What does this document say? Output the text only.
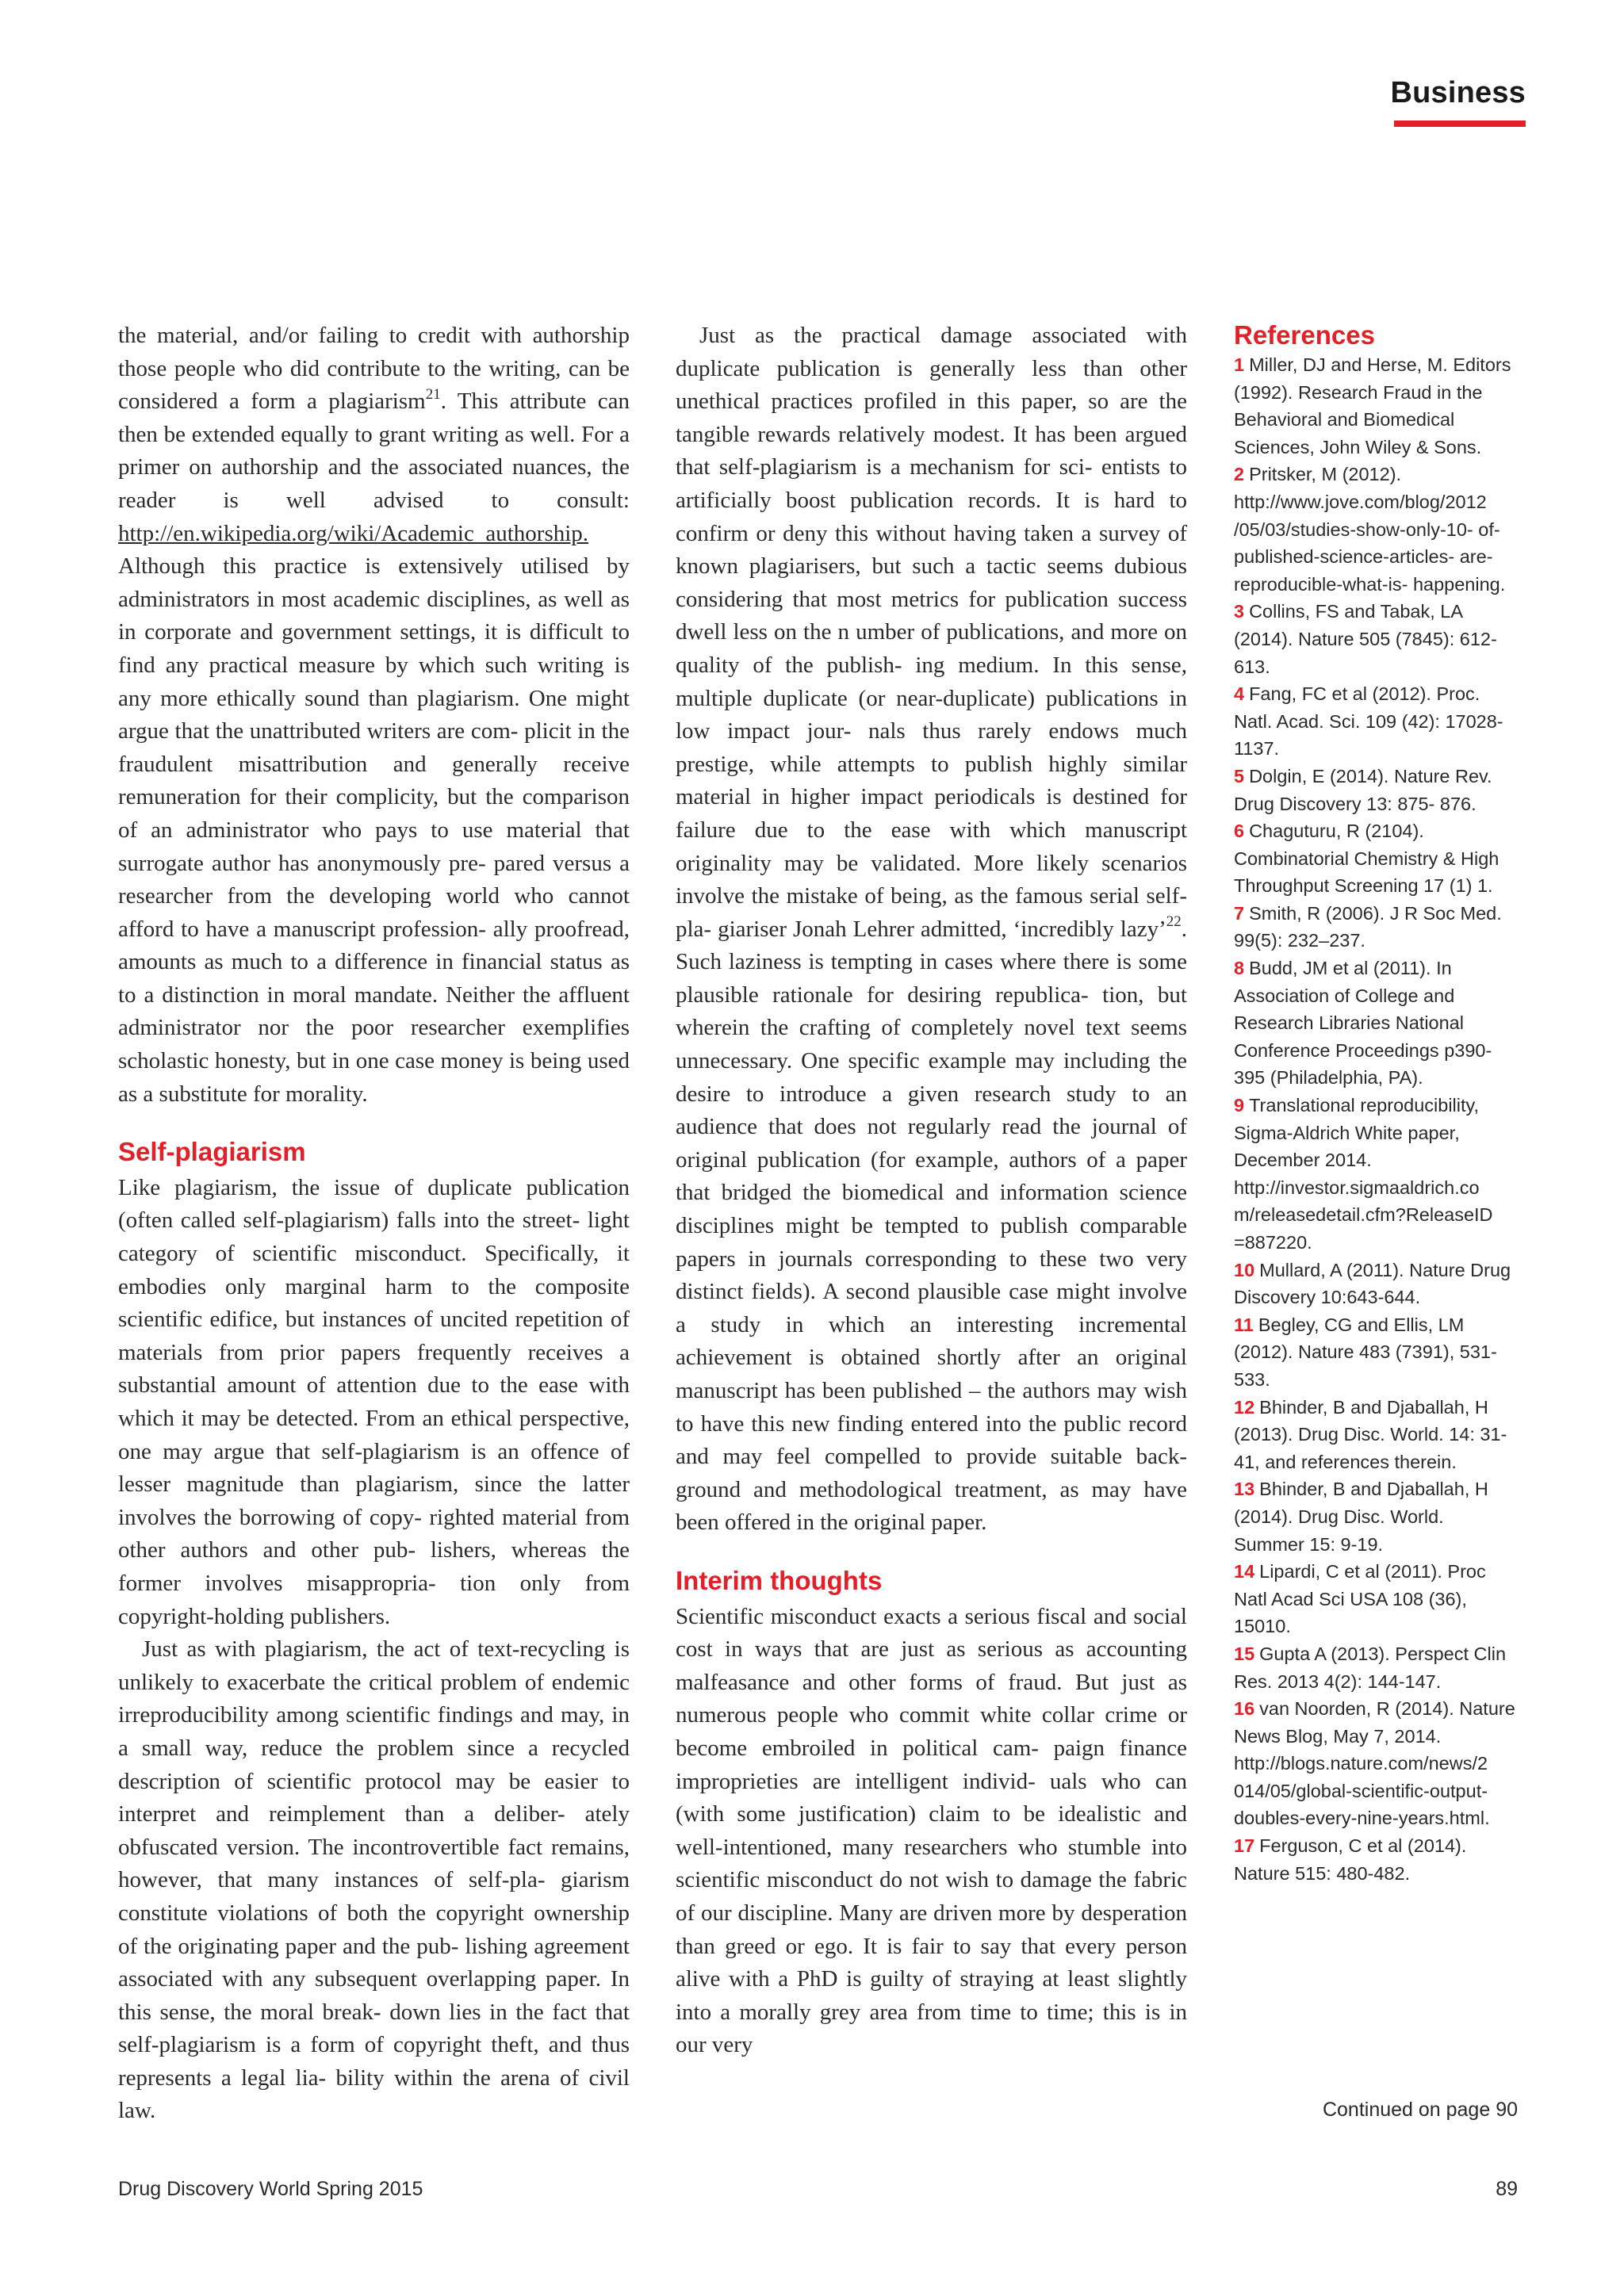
Business

the material, and/or failing to credit with authorship those people who did contribute to the writing, can be considered a form a plagiarism$^{21}$. This attribute can then be extended equally to grant writing as well. For a primer on authorship and the associated nuances, the reader is well advised to consult: http://en.wikipedia.org/wiki/Academic_authorship. Although this practice is extensively utilised by administrators in most academic disciplines, as well as in corporate and government settings, it is difficult to find any practical measure by which such writing is any more ethically sound than plagiarism. One might argue that the unattributed writers are com- plicit in the fraudulent misattribution and generally receive remuneration for their complicity, but the comparison of an administrator who pays to use material that surrogate author has anonymously pre- pared versus a researcher from the developing world who cannot afford to have a manuscript profession- ally proofread, amounts as much to a difference in financial status as to a distinction in moral mandate. Neither the affluent administrator nor the poor researcher exemplifies scholastic honesty, but in one case money is being used as a substitute for morality.

Self-plagiarism

Like plagiarism, the issue of duplicate publication (often called self-plagiarism) falls into the street- light category of scientific misconduct. Specifically, it embodies only marginal harm to the composite scientific edifice, but instances of uncited repetition of materials from prior papers frequently receives a substantial amount of attention due to the ease with which it may be detected. From an ethical perspective, one may argue that self-plagiarism is an offence of lesser magnitude than plagiarism, since the latter involves the borrowing of copy- righted material from other authors and other pub- lishers, whereas the former involves misappropria- tion only from copyright-holding publishers.

Just as with plagiarism, the act of text-recycling is unlikely to exacerbate the critical problem of endemic irreproducibility among scientific findings and may, in a small way, reduce the problem since a recycled description of scientific protocol may be easier to interpret and reimplement than a deliber- ately obfuscated version. The incontrovertible fact remains, however, that many instances of self-pla- giarism constitute violations of both the copyright ownership of the originating paper and the pub- lishing agreement associated with any subsequent overlapping paper. In this sense, the moral break- down lies in the fact that self-plagiarism is a form of copyright theft, and thus represents a legal lia- bility within the arena of civil law.

Just as the practical damage associated with duplicate publication is generally less than other unethical practices profiled in this paper, so are the tangible rewards relatively modest. It has been argued that self-plagiarism is a mechanism for sci- entists to artificially boost publication records. It is hard to confirm or deny this without having taken a survey of known plagiarisers, but such a tactic seems dubious considering that most metrics for publication success dwell less on the n umber of publications, and more on quality of the publish- ing medium. In this sense, multiple duplicate (or near-duplicate) publications in low impact jour- nals thus rarely endows much prestige, while attempts to publish highly similar material in higher impact periodicals is destined for failure due to the ease with which manuscript originality may be validated. More likely scenarios involve the mistake of being, as the famous serial self-pla- giariser Jonah Lehrer admitted, ‘incredibly lazy’$^{22}$. Such laziness is tempting in cases where there is some plausible rationale for desiring republica- tion, but wherein the crafting of completely novel text seems unnecessary. One specific example may including the desire to introduce a given research study to an audience that does not regularly read the journal of original publication (for example, authors of a paper that bridged the biomedical and information science disciplines might be tempted to publish comparable papers in journals corresponding to these two very distinct fields). A second plausible case might involve a study in which an interesting incremental achievement is obtained shortly after an original manuscript has been published – the authors may wish to have this new finding entered into the public record and may feel compelled to provide suitable back- ground and methodological treatment, as may have been offered in the original paper.

Interim thoughts

Scientific misconduct exacts a serious fiscal and social cost in ways that are just as serious as accounting malfeasance and other forms of fraud. But just as numerous people who commit white collar crime or become embroiled in political cam- paign finance improprieties are intelligent individ- uals who can (with some justification) claim to be idealistic and well-intentioned, many researchers who stumble into scientific misconduct do not wish to damage the fabric of our discipline. Many are driven more by desperation than greed or ego. It is fair to say that every person alive with a PhD is guilty of straying at least slightly into a morally grey area from time to time; this is in our very

References

1 Miller, DJ and Herse, M. Editors (1992). Research Fraud in the Behavioral and Biomedical Sciences, John Wiley & Sons.

2 Pritsker, M (2012). http://www.jove.com/blog/2012 /05/03/studies-show-only-10- of-published-science-articles- are-reproducible-what-is- happening.

3 Collins, FS and Tabak, LA (2014). Nature 505 (7845): 612-613.

4 Fang, FC et al (2012). Proc. Natl. Acad. Sci. 109 (42): 17028-1137.

5 Dolgin, E (2014). Nature Rev. Drug Discovery 13: 875- 876.

6 Chaguturu, R (2104). Combinatorial Chemistry & High Throughput Screening 17 (1) 1.

7 Smith, R (2006). J R Soc Med. 99(5): 232–237.

8 Budd, JM et al (2011). In Association of College and Research Libraries National Conference Proceedings p390- 395 (Philadelphia, PA).

9 Translational reproducibility, Sigma-Aldrich White paper, December 2014. http://investor.sigmaaldrich.co m/releasedetail.cfm?ReleaseID =887220.

10 Mullard, A (2011). Nature Drug Discovery 10:643-644.

11 Begley, CG and Ellis, LM (2012). Nature 483 (7391), 531-533.

12 Bhinder, B and Djaballah, H (2013). Drug Disc. World. 14: 31-41, and references therein.

13 Bhinder, B and Djaballah, H (2014). Drug Disc. World. Summer 15: 9-19.

14 Lipardi, C et al (2011). Proc Natl Acad Sci USA 108 (36), 15010.

15 Gupta A (2013). Perspect Clin Res. 2013 4(2): 144-147.

16 van Noorden, R (2014). Nature News Blog, May 7, 2014. http://blogs.nature.com/news/2 014/05/global-scientific-output- doubles-every-nine-years.html.

17 Ferguson, C et al (2014). Nature 515: 480-482.

Continued on page 90
Drug Discovery World Spring 2015	89
